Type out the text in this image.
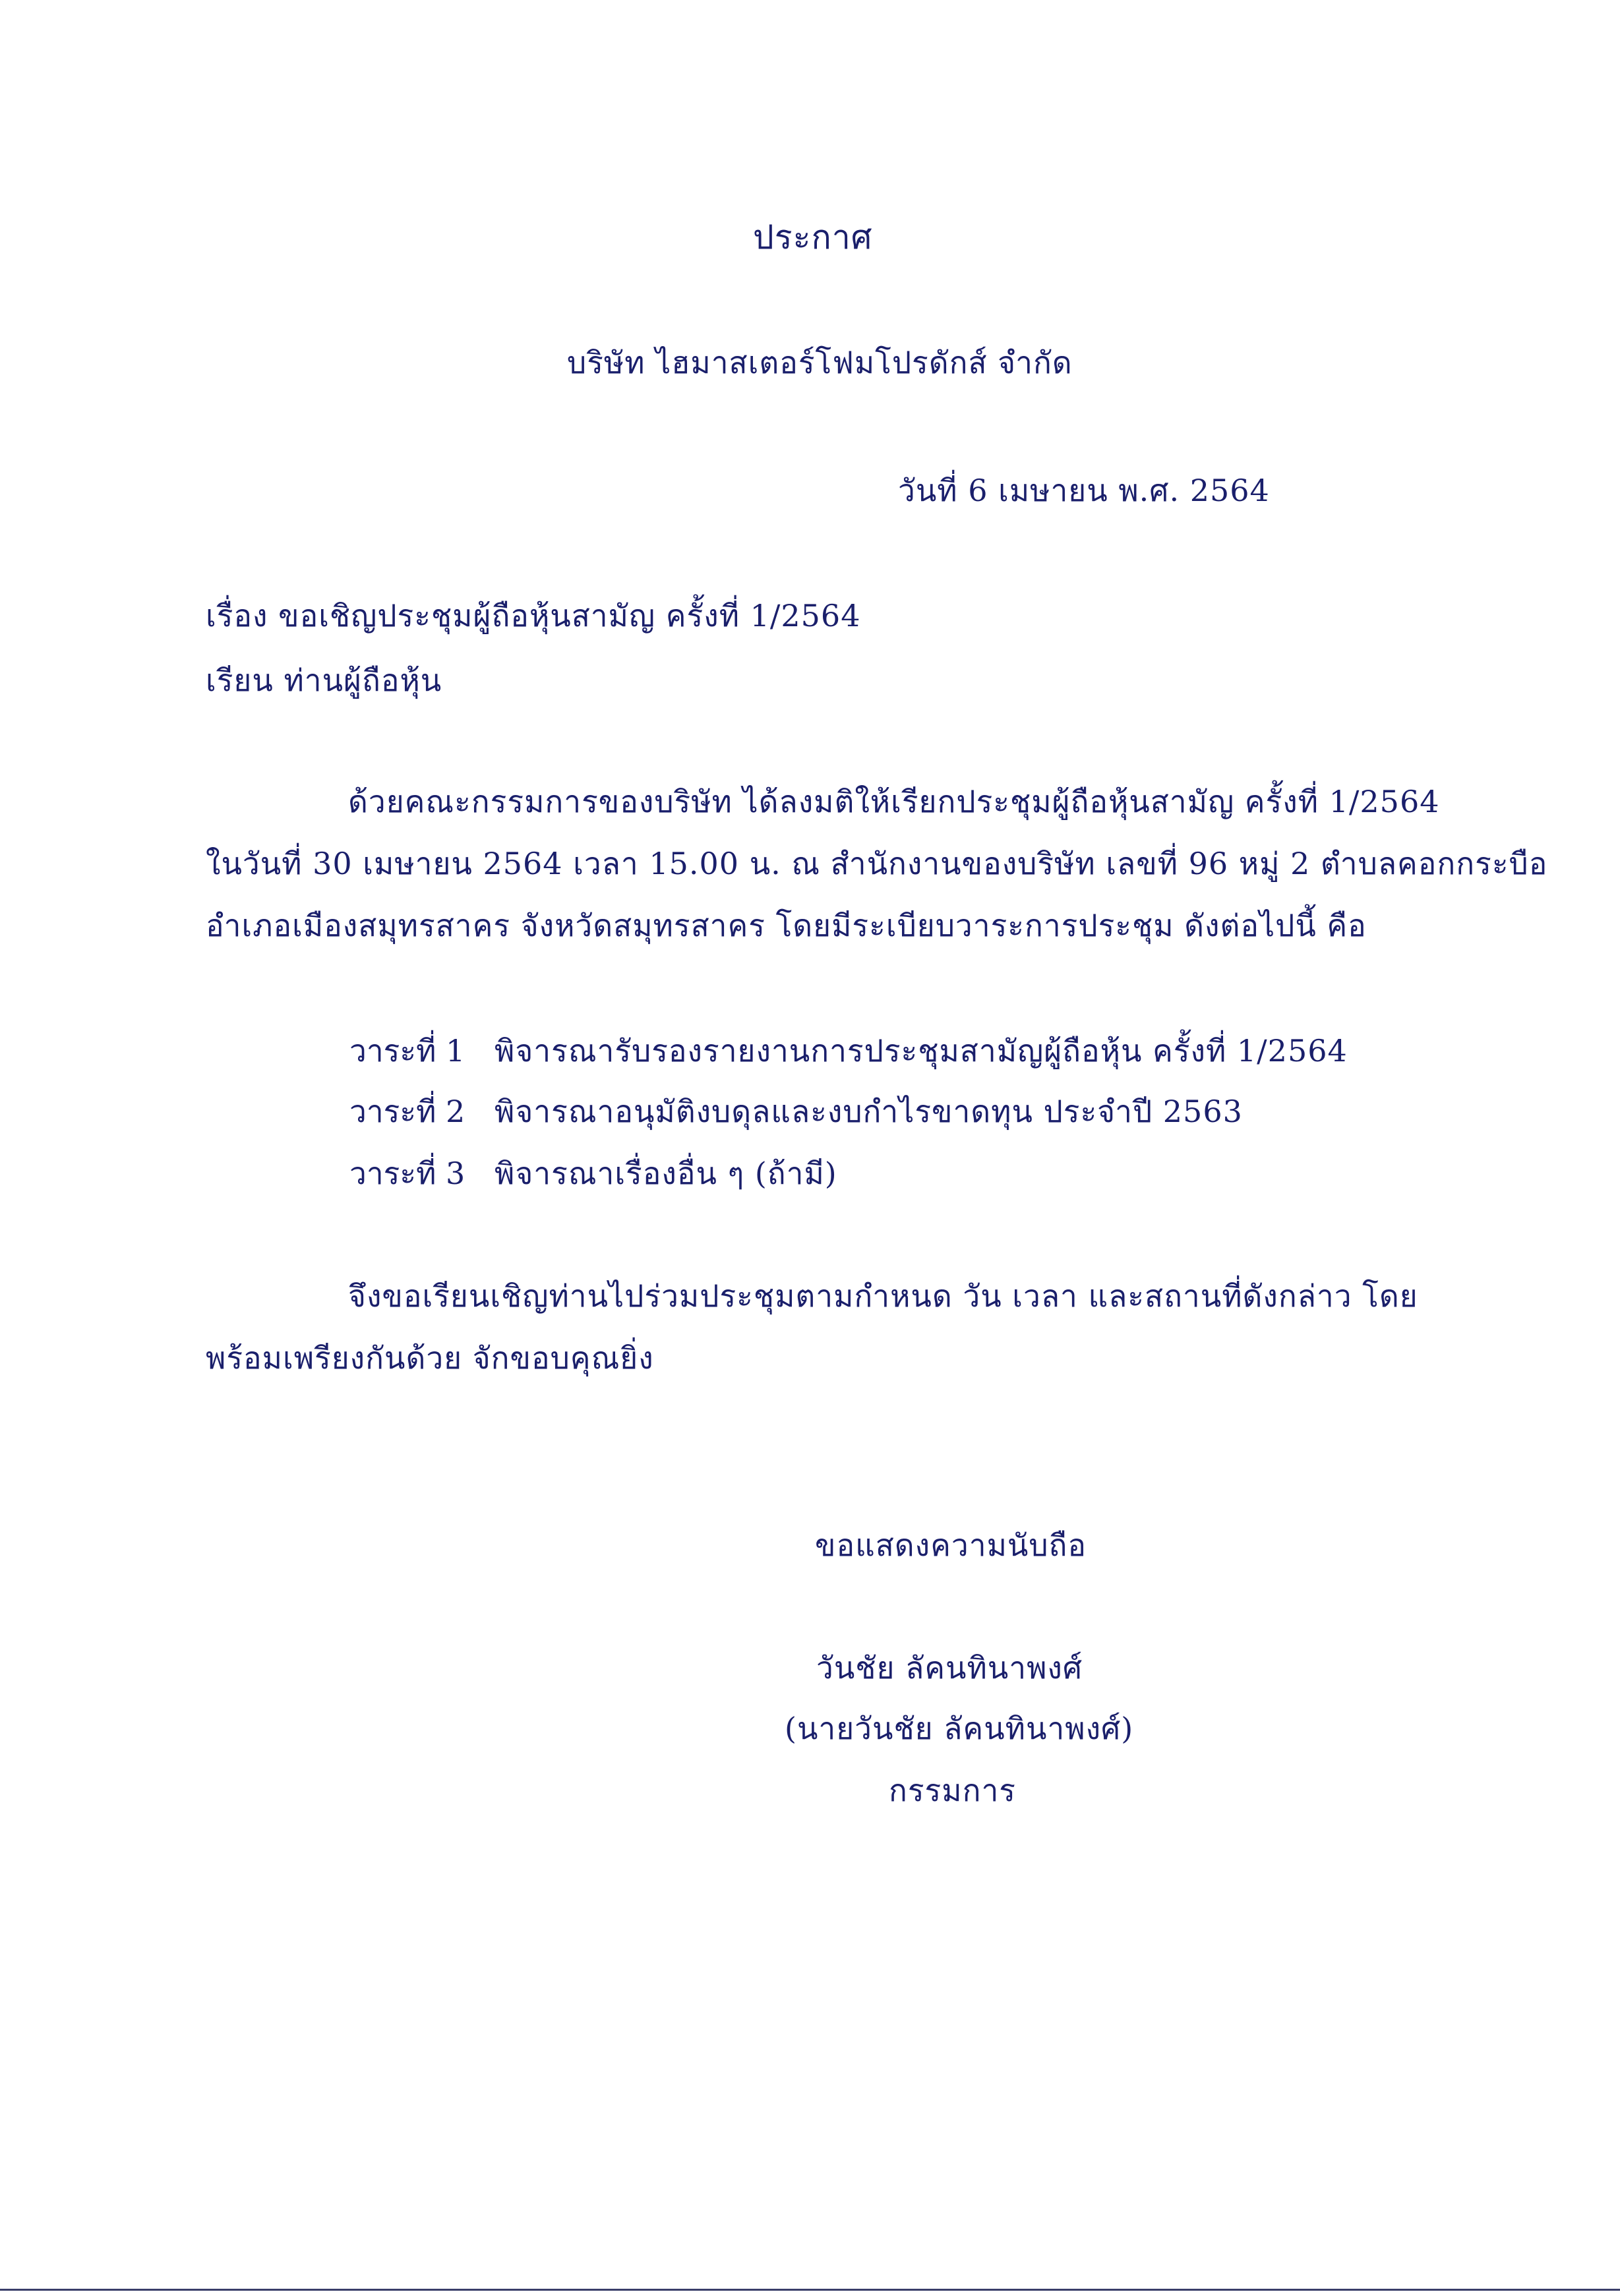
ประกาศ
บริษัท ไฮมาสเตอร์โฟมโปรดักส์ จำกัด
วันที่ 6 เมษายน พ.ศ. 2564
เรื่อง ขอเชิญประชุมผู้ถือหุ้นสามัญ ครั้งที่ 1/2564
เรียน ท่านผู้ถือหุ้น
ด้วยคณะกรรมการของบริษัท ได้ลงมติให้เรียกประชุมผู้ถือหุ้นสามัญ ครั้งที่ 1/2564
ในวันที่ 30 เมษายน 2564 เวลา 15.00 น. ณ สำนักงานของบริษัท เลขที่ 96 หมู่ 2 ตำบลคอกกระบือ
อำเภอเมืองสมุทรสาคร จังหวัดสมุทรสาคร โดยมีระเบียบวาระการประชุม ดังต่อไปนี้ คือ
วาระที่ 1 พิจารณารับรองรายงานการประชุมสามัญผู้ถือหุ้น ครั้งที่ 1/2564
วาระที่ 2 พิจารณาอนุมัติงบดุลและงบกำไรขาดทุน ประจำปี 2563
วาระที่ 3 พิจารณาเรื่องอื่น ๆ (ถ้ามี)
จึงขอเรียนเชิญท่านไปร่วมประชุมตามกำหนด วัน เวลา และสถานที่ดังกล่าว โดย
พร้อมเพรียงกันด้วย จักขอบคุณยิ่ง
ขอแสดงความนับถือ
วันชัย ลัคนทินาพงศ์
(นายวันชัย ลัคนทินาพงศ์)
กรรมการ
